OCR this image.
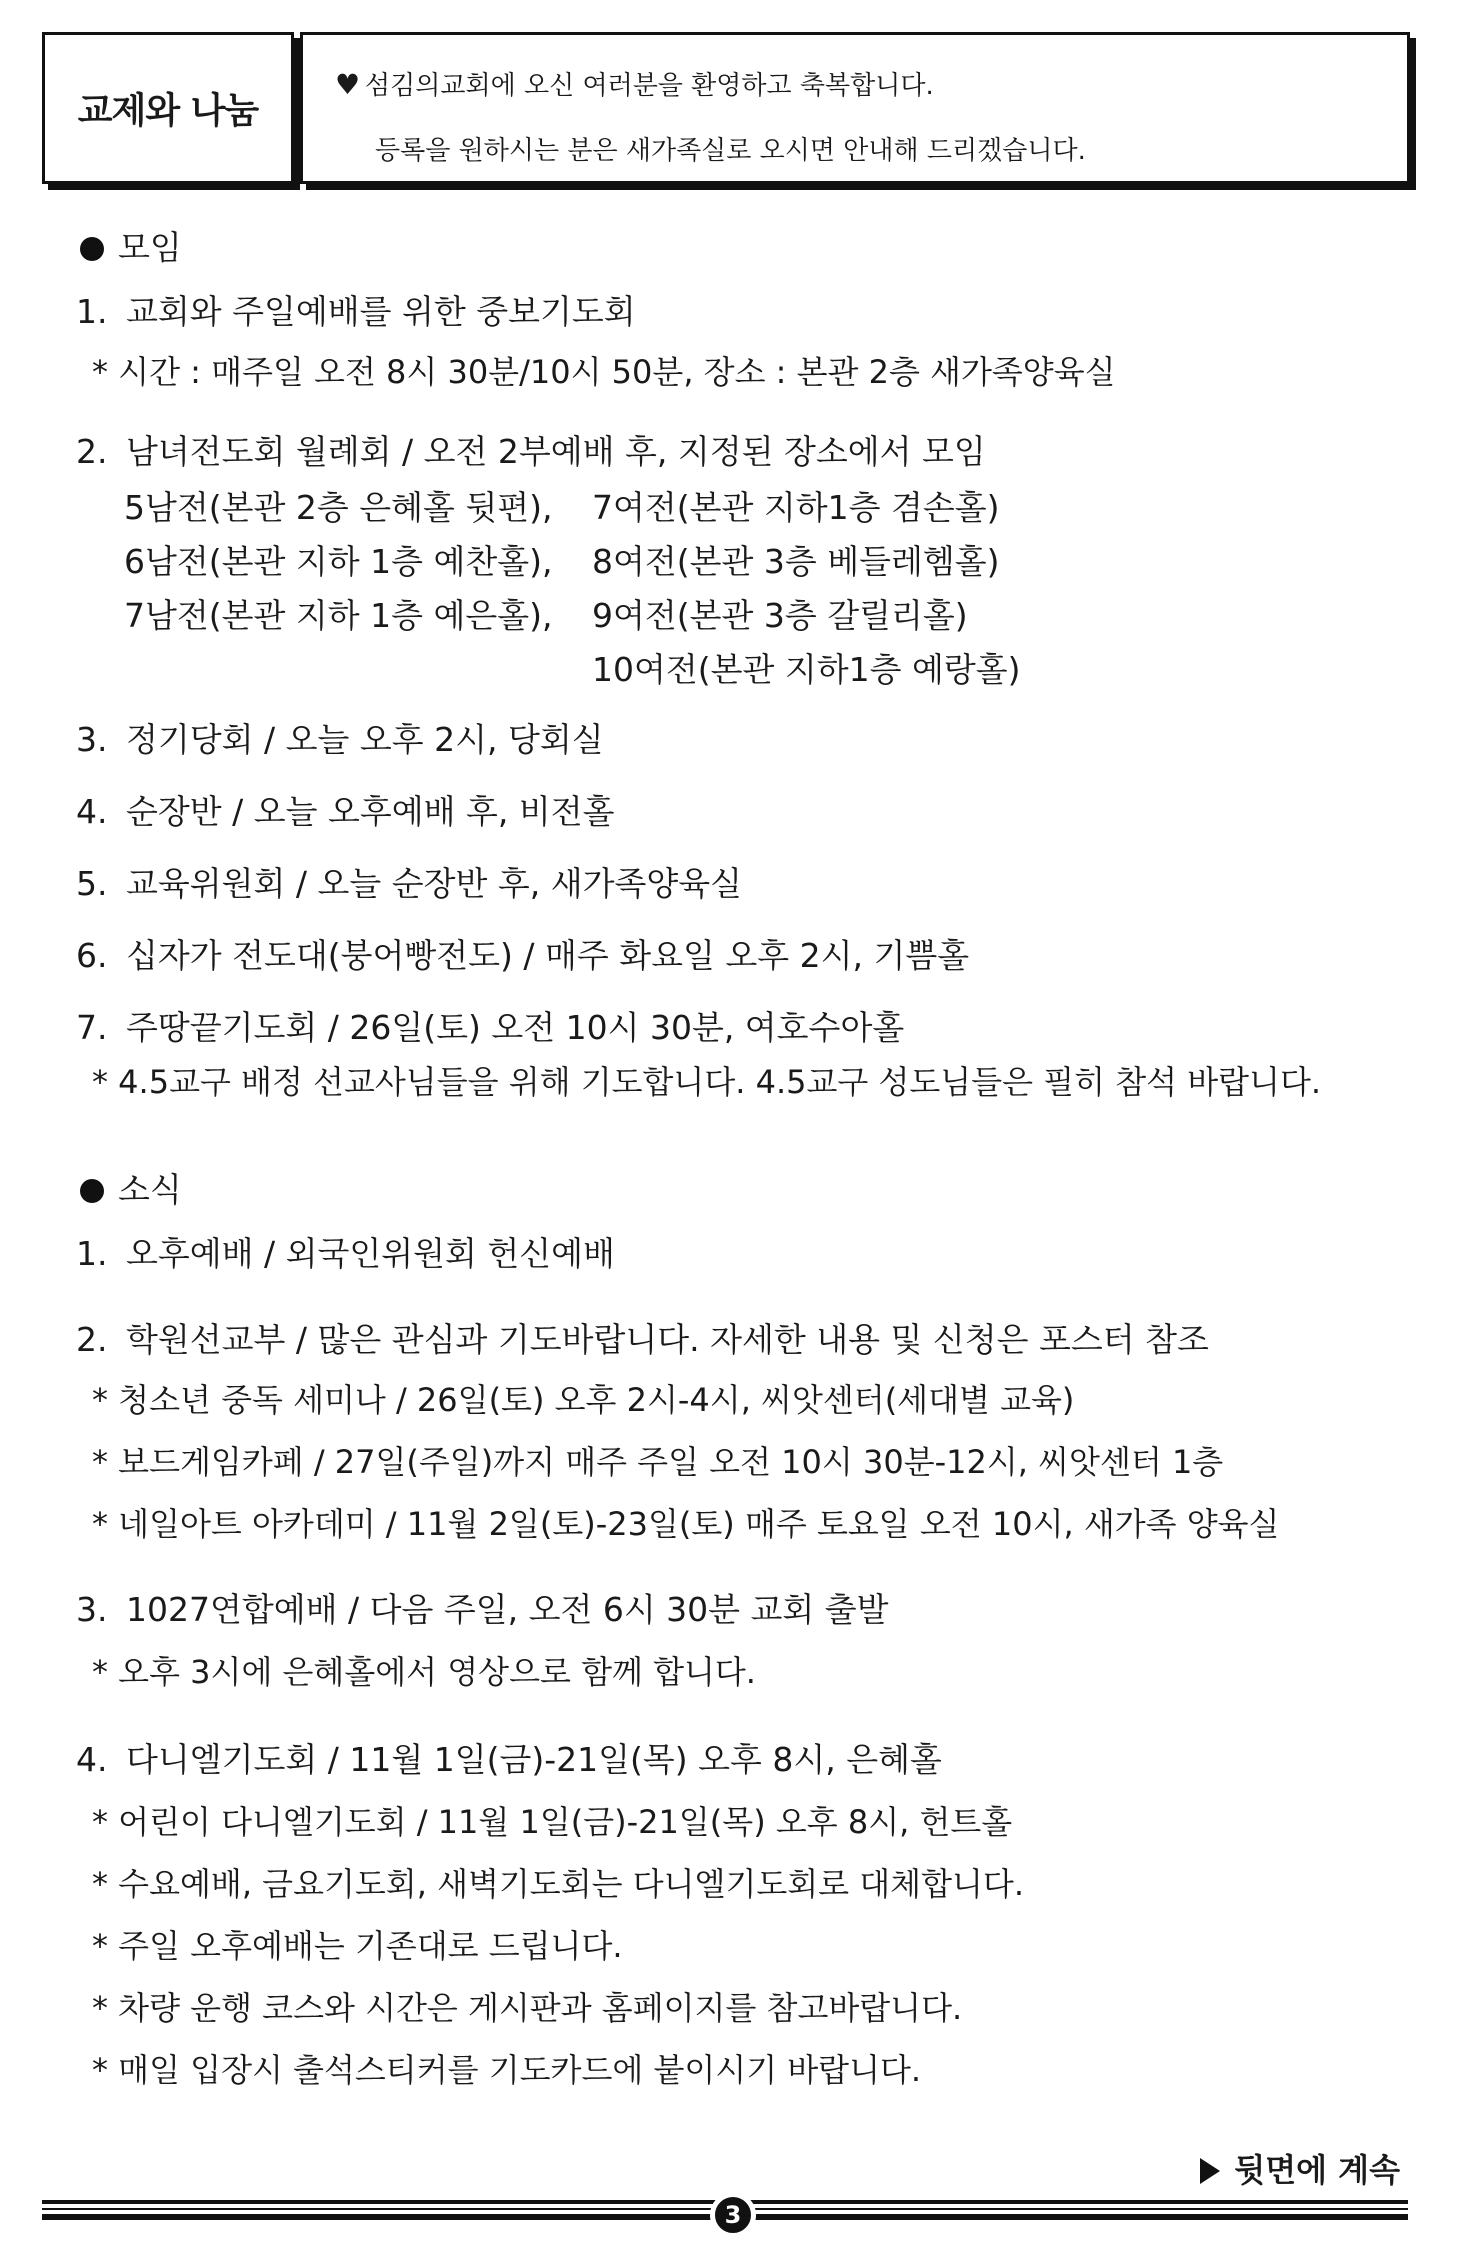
교제와 나눔
♥ 섬김의교회에 오신 여러분을 환영하고 축복합니다.
등록을 원하시는 분은 새가족실로 오시면 안내해 드리겠습니다.
모임
1. 교회와 주일예배를 위한 중보기도회
* 시간 : 매주일 오전 8시 30분/10시 50분, 장소 : 본관 2층 새가족양육실
2. 남녀전도회 월례회 / 오전 2부예배 후, 지정된 장소에서 모임
5남전(본관 2층 은혜홀 뒷편), 7여전(본관 지하1층 겸손홀)
6남전(본관 지하 1층 예찬홀), 8여전(본관 3층 베들레헴홀)
7남전(본관 지하 1층 예은홀), 9여전(본관 3층 갈릴리홀)
10여전(본관 지하1층 예랑홀)
3. 정기당회 / 오늘 오후 2시, 당회실
4. 순장반 / 오늘 오후예배 후, 비전홀
5. 교육위원회 / 오늘 순장반 후, 새가족양육실
6. 십자가 전도대(붕어빵전도) / 매주 화요일 오후 2시, 기쁨홀
7. 주땅끝기도회 / 26일(토) 오전 10시 30분, 여호수아홀
* 4.5교구 배정 선교사님들을 위해 기도합니다. 4.5교구 성도님들은 필히 참석 바랍니다.
소식
1. 오후예배 / 외국인위원회 헌신예배
2. 학원선교부 / 많은 관심과 기도바랍니다. 자세한 내용 및 신청은 포스터 참조
* 청소년 중독 세미나 / 26일(토) 오후 2시-4시, 씨앗센터(세대별 교육)
* 보드게임카페 / 27일(주일)까지 매주 주일 오전 10시 30분-12시, 씨앗센터 1층
* 네일아트 아카데미 / 11월 2일(토)-23일(토) 매주 토요일 오전 10시, 새가족 양육실
3. 1027연합예배 / 다음 주일, 오전 6시 30분 교회 출발
* 오후 3시에 은혜홀에서 영상으로 함께 합니다.
4. 다니엘기도회 / 11월 1일(금)-21일(목) 오후 8시, 은혜홀
* 어린이 다니엘기도회 / 11월 1일(금)-21일(목) 오후 8시, 헌트홀
* 수요예배, 금요기도회, 새벽기도회는 다니엘기도회로 대체합니다.
* 주일 오후예배는 기존대로 드립니다.
* 차량 운행 코스와 시간은 게시판과 홈페이지를 참고바랍니다.
* 매일 입장시 출석스티커를 기도카드에 붙이시기 바랍니다.
뒷면에 계속
3
